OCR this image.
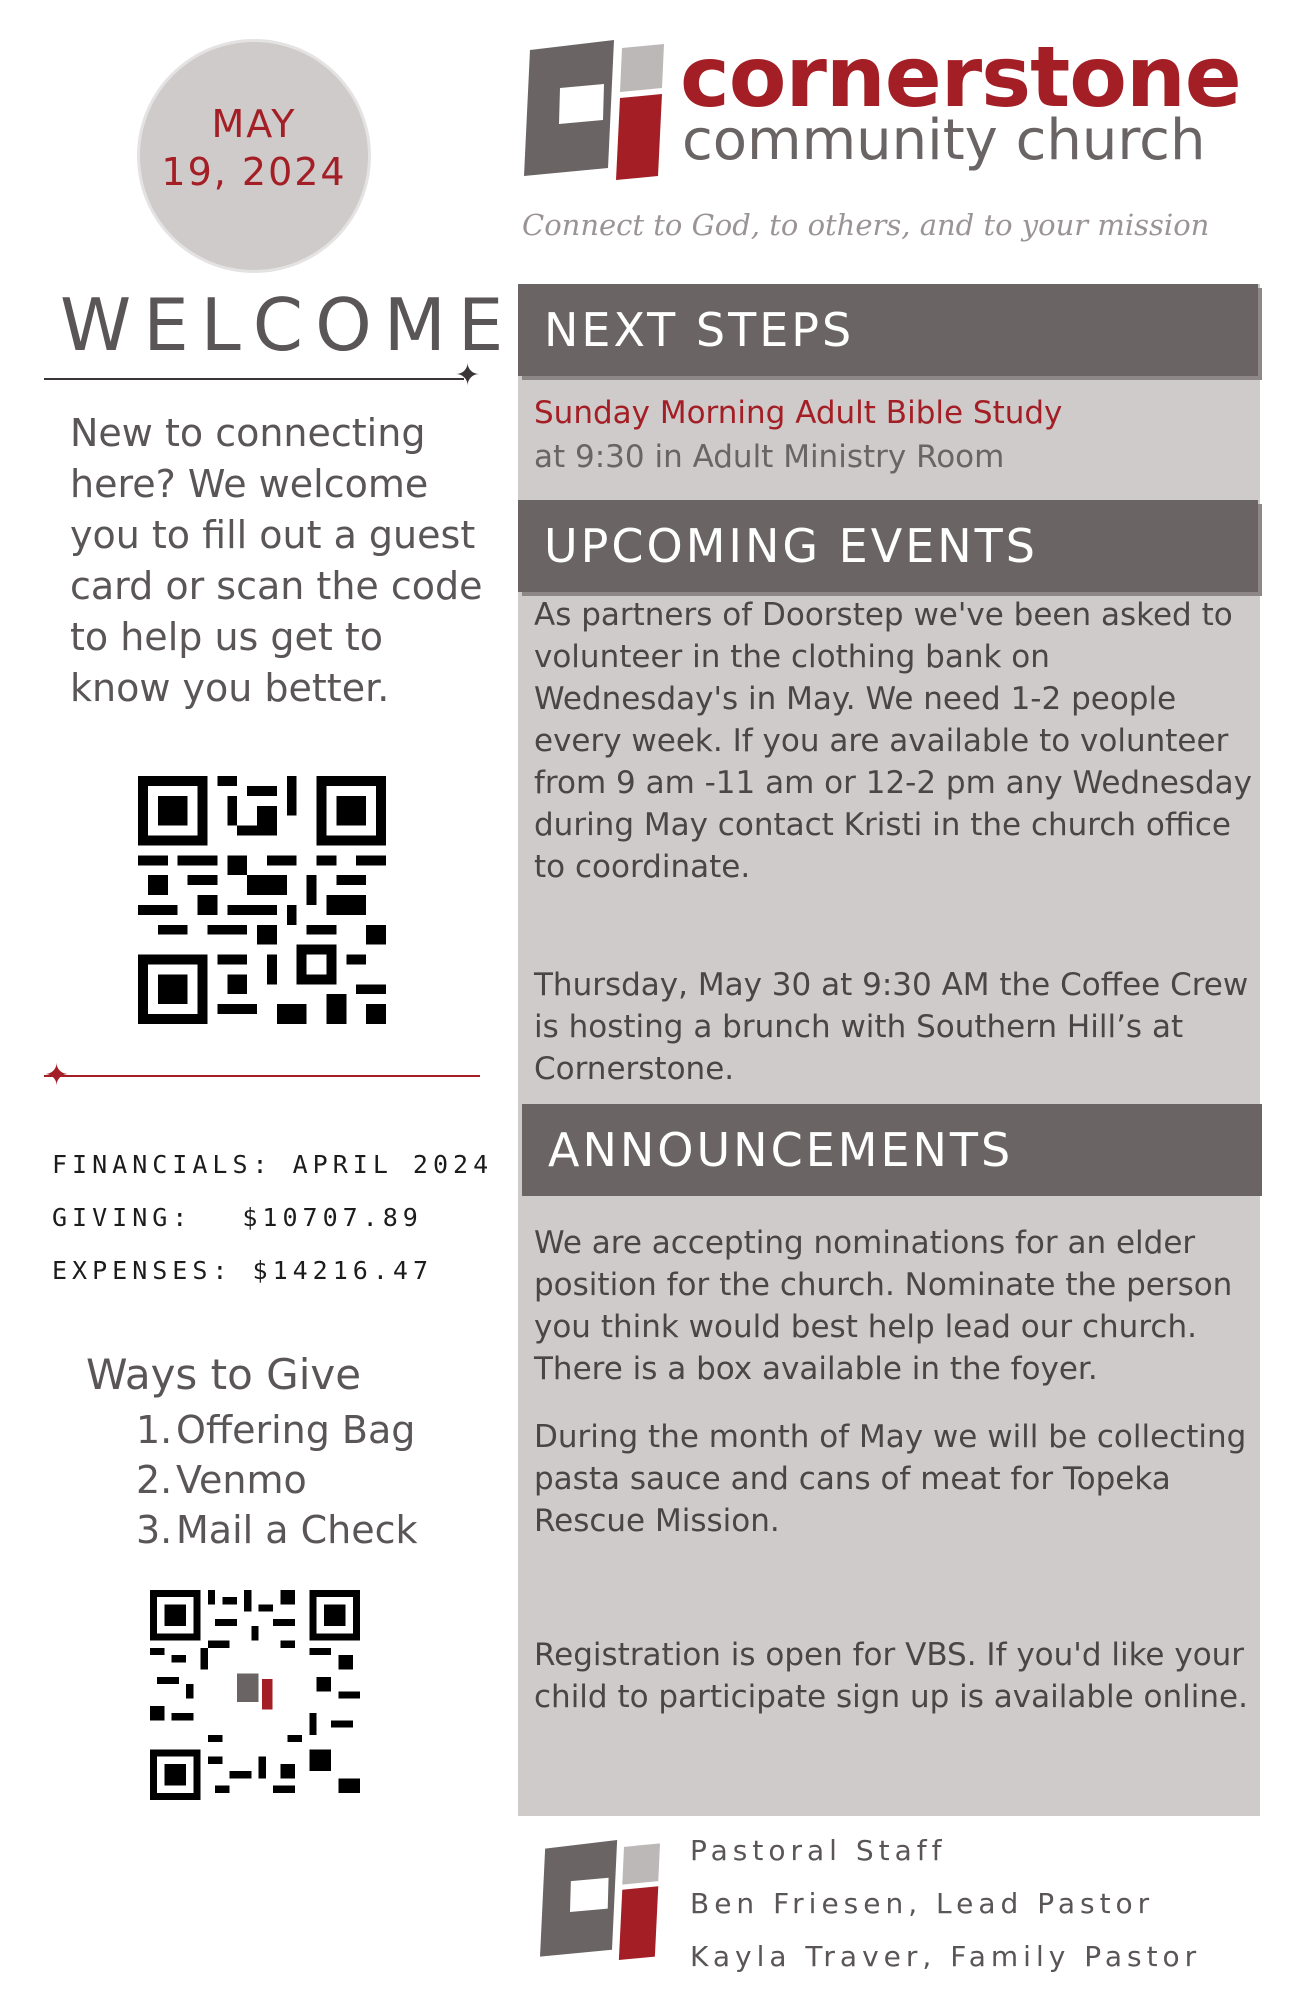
MAY
19, 2024
WELCOME
✦
New to connecting here? We welcome you to fill out a guest card or scan the code to help us get to know you better.
✦
FINANCIALS: APRIL 2024
GIVING: $10707.89
EXPENSES: $14216.47
Ways to Give
1.Offering Bag
2.Venmo
3.Mail a Check
cornerstone
community church
Connect to God, to others, and to your mission
NEXT STEPS
Sunday Morning Adult Bible Study
at 9:30 in Adult Ministry Room
UPCOMING EVENTS
As partners of Doorstep we've been asked to volunteer in the clothing bank on Wednesday's in May. We need 1-2 people every week. If you are available to volunteer from 9 am -11 am or 12-2 pm any Wednesday during May contact Kristi in the church office to coordinate.
Thursday, May 30 at 9:30 AM the Coffee Crew is hosting a brunch with Southern Hill’s at Cornerstone.
ANNOUNCEMENTS
We are accepting nominations for an elder position for the church. Nominate the person you think would best help lead our church. There is a box available in the foyer.
During the month of May we will be collecting pasta sauce and cans of meat for Topeka Rescue Mission.
Registration is open for VBS. If you'd like your child to participate sign up is available online.
Pastoral Staff
Ben Friesen, Lead Pastor
Kayla Traver, Family Pastor
